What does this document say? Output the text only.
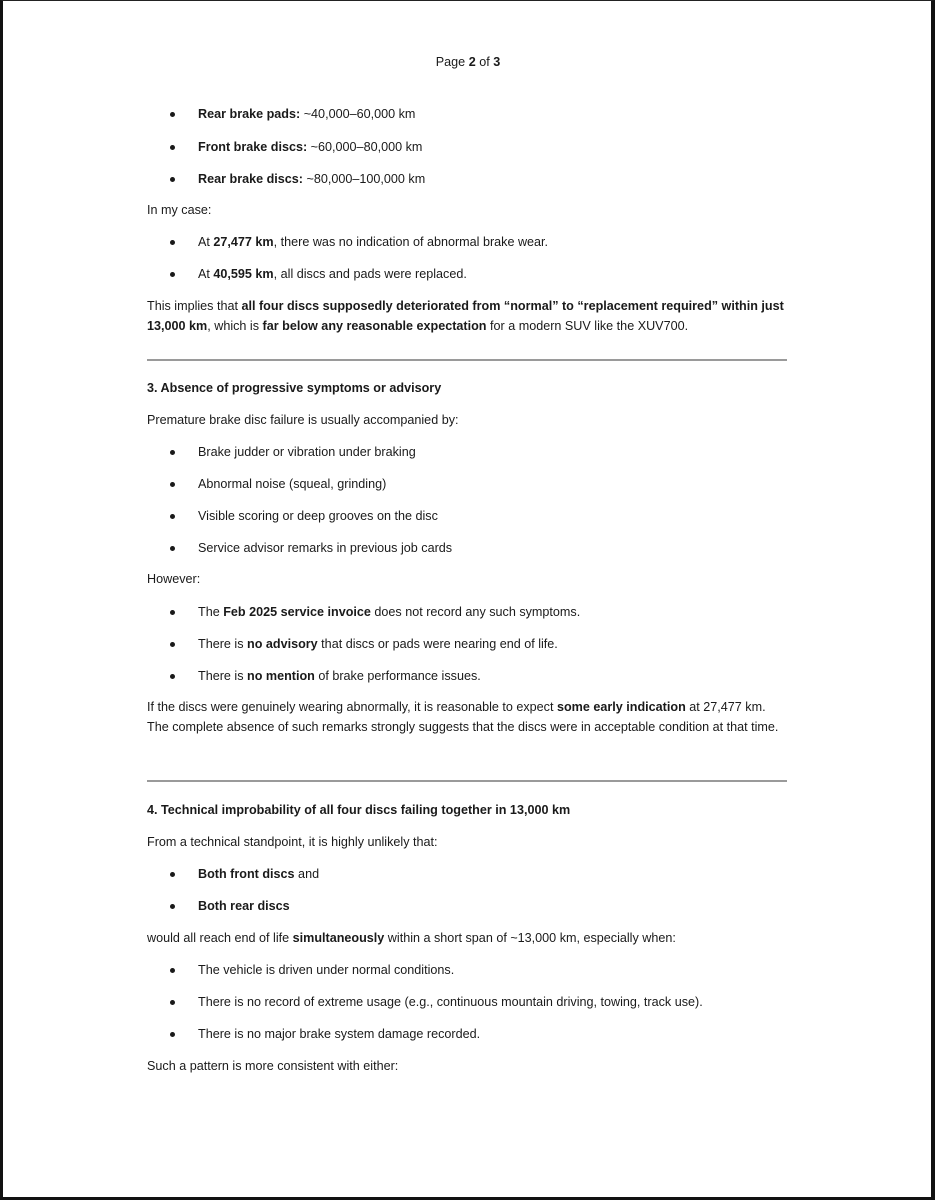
Page 2 of 3
Rear brake pads: ~40,000–60,000 km
Front brake discs: ~60,000–80,000 km
Rear brake discs: ~80,000–100,000 km
In my case:
At 27,477 km, there was no indication of abnormal brake wear.
At 40,595 km, all discs and pads were replaced.
This implies that all four discs supposedly deteriorated from “normal” to “replacement required” within just 13,000 km, which is far below any reasonable expectation for a modern SUV like the XUV700.
3. Absence of progressive symptoms or advisory
Premature brake disc failure is usually accompanied by:
Brake judder or vibration under braking
Abnormal noise (squeal, grinding)
Visible scoring or deep grooves on the disc
Service advisor remarks in previous job cards
However:
The Feb 2025 service invoice does not record any such symptoms.
There is no advisory that discs or pads were nearing end of life.
There is no mention of brake performance issues.
If the discs were genuinely wearing abnormally, it is reasonable to expect some early indication at 27,477 km. The complete absence of such remarks strongly suggests that the discs were in acceptable condition at that time.
4. Technical improbability of all four discs failing together in 13,000 km
From a technical standpoint, it is highly unlikely that:
Both front discs and
Both rear discs
would all reach end of life simultaneously within a short span of ~13,000 km, especially when:
The vehicle is driven under normal conditions.
There is no record of extreme usage (e.g., continuous mountain driving, towing, track use).
There is no major brake system damage recorded.
Such a pattern is more consistent with either:
